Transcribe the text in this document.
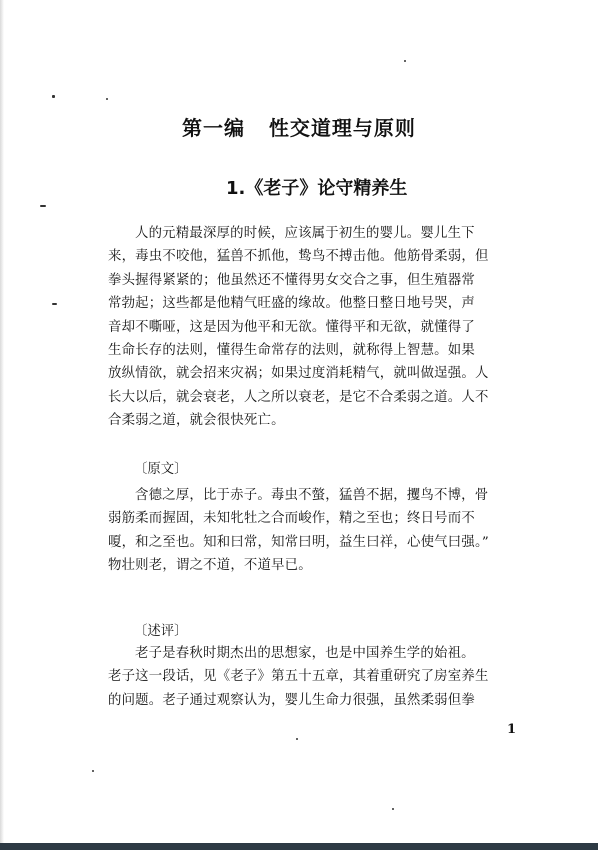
第一编   性交道理与原则
1.《老子》论守精养生
人的元精最深厚的时候，应该属于初生的婴儿。婴儿生下
来，毒虫不咬他，猛兽不抓他，鸷鸟不搏击他。他筋骨柔弱，但
拳头握得紧紧的；他虽然还不懂得男女交合之事，但生殖器常
常勃起；这些都是他精气旺盛的缘故。他整日整日地号哭，声
音却不嘶哑，这是因为他平和无欲。懂得平和无欲，就懂得了
生命长存的法则，懂得生命常存的法则，就称得上智慧。如果
放纵情欲，就会招来灾祸；如果过度消耗精气，就叫做逞强。人
长大以后，就会衰老，人之所以衰老，是它不合柔弱之道。人不
合柔弱之道，就会很快死亡。
〔原文〕
含德之厚，比于赤子。毒虫不螫，猛兽不据，攫鸟不博，骨
弱筋柔而握固，未知牝牡之合而峻作，精之至也；终日号而不
嗄，和之至也。知和曰常，知常曰明，益生曰祥，心使气曰强。”
物壮则老，谓之不道，不道早已。
〔述评〕
老子是春秋时期杰出的思想家，也是中国养生学的始祖。
老子这一段话，见《老子》第五十五章，其着重研究了房室养生
的问题。老子通过观察认为，婴儿生命力很强，虽然柔弱但拳
1
